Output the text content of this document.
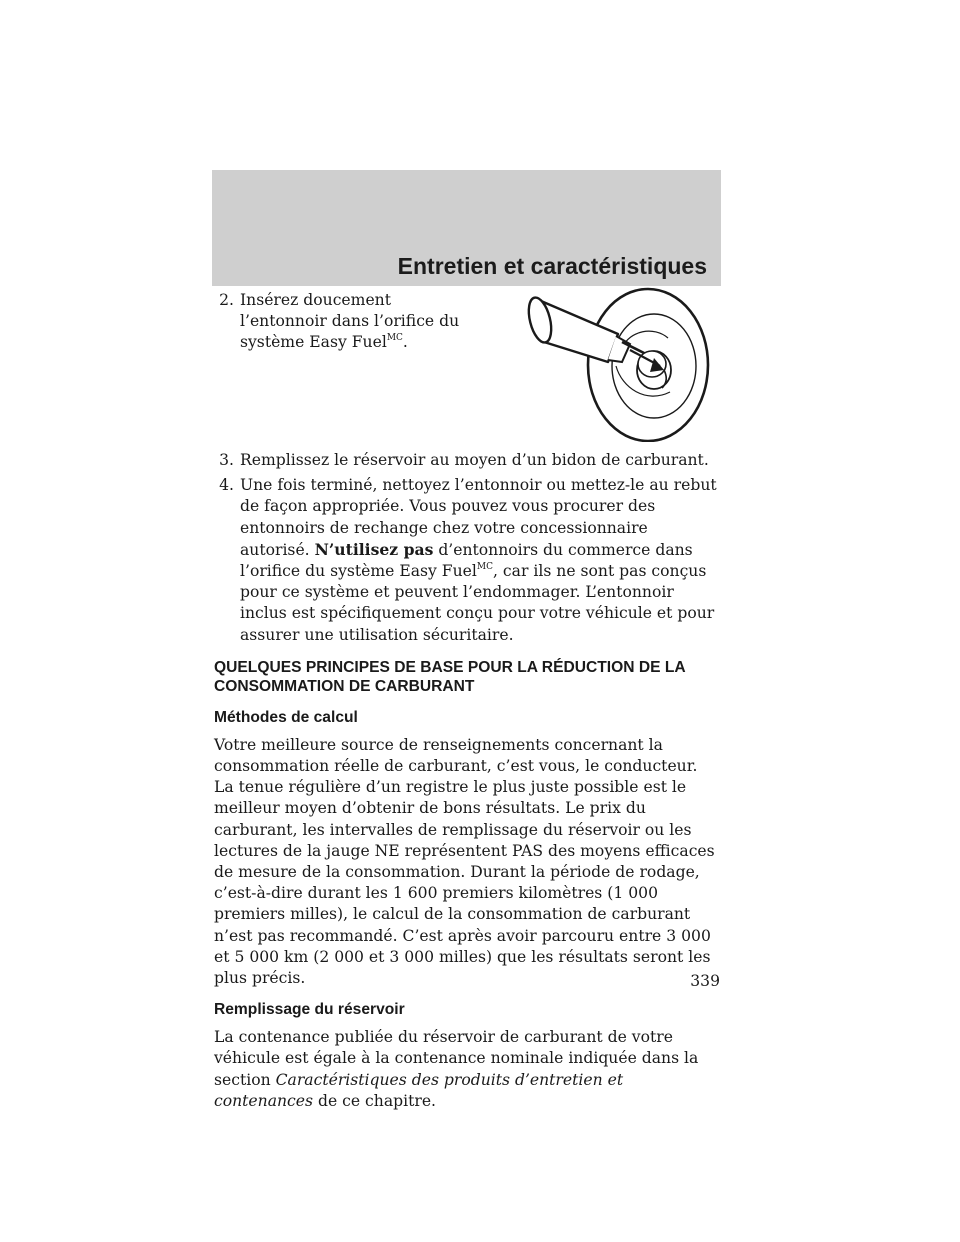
Entretien et caractéristiques
2. Insérez doucement l’entonnoir dans l’orifice du système Easy Fuel$^{MC}$.
3. Remplissez le réservoir au moyen d’un bidon de carburant.
4. Une fois terminé, nettoyez l’entonnoir ou mettez-le au rebut de façon appropriée. Vous pouvez vous procurer des entonnoirs de rechange chez votre concessionnaire autorisé. N’utilisez pas d’entonnoirs du commerce dans l’orifice du système Easy Fuel$^{MC}$, car ils ne sont pas conçus pour ce système et peuvent l’endommager. L’entonnoir inclus est spécifiquement conçu pour votre véhicule et pour assurer une utilisation sécuritaire.

QUELQUES PRINCIPES DE BASE POUR LA RÉDUCTION DE LA CONSOMMATION DE CARBURANT

Méthodes de calcul

Votre meilleure source de renseignements concernant la consommation réelle de carburant, c’est vous, le conducteur. La tenue régulière d’un registre le plus juste possible est le meilleur moyen d’obtenir de bons résultats. Le prix du carburant, les intervalles de remplissage du réservoir ou les lectures de la jauge NE représentent PAS des moyens efficaces de mesure de la consommation. Durant la période de rodage, c’est-à-dire durant les 1 600 premiers kilomètres (1 000 premiers milles), le calcul de la consommation de carburant n’est pas recommandé. C’est après avoir parcouru entre 3 000 et 5 000 km (2 000 et 3 000 milles) que les résultats seront les plus précis.

Remplissage du réservoir

La contenance publiée du réservoir de carburant de votre véhicule est égale à la contenance nominale indiquée dans la section Caractéristiques des produits d’entretien et contenances de ce chapitre.

339
